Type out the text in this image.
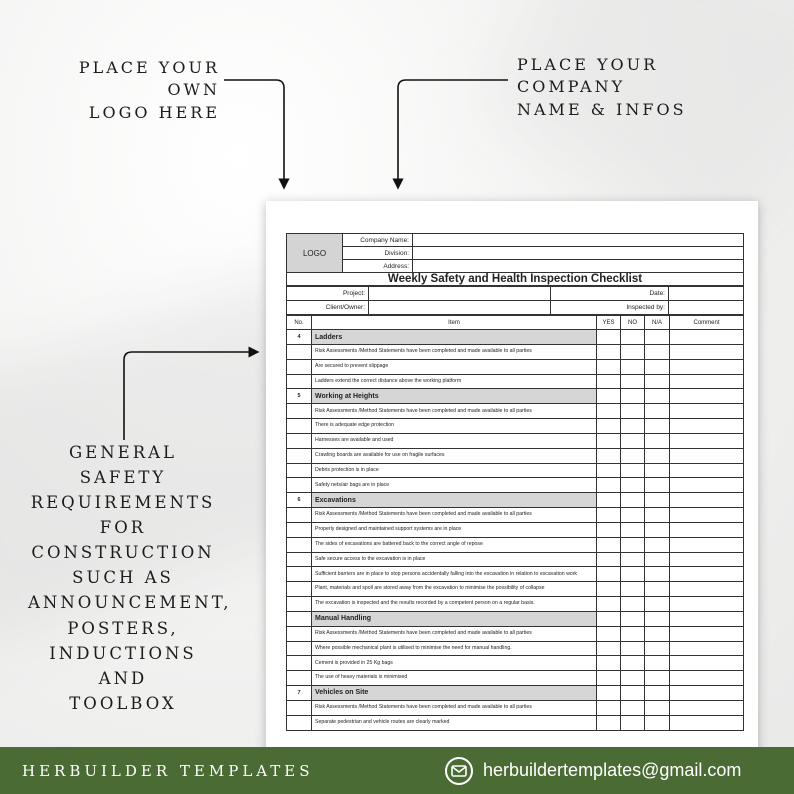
PLACE YOUR OWN
LOGO HERE
PLACE YOUR COMPANY
NAME & INFOS
GENERAL SAFETY
REQUIREMENTS
FOR
CONSTRUCTION
SUCH AS
ANNOUNCEMENT,
POSTERS,
INDUCTIONS AND
TOOLBOX
LOGO	Company Name:	
	Division:	
	Address:	
Weekly Safety and Health Inspection Checklist		
Project:		Date:	
Client/Owner:		Inspected by:	
No.	Item	YES	NO	N/A	Comment
4	Ladders				
	Risk Assessments /Method Statements have been completed and made available to all parties				
	Are secured to prevent slippage				
	Ladders extend the correct distance above the working platform				
5	Working at Heights				
	Risk Assessments /Method Statements have been completed and made available to all parties				
	There is adequate edge protection				
	Harnesses are available and used				
	Crawling boards are available for use on fragile surfaces				
	Debris protection is in place				
	Safety nets/air bags are in place				
6	Excavations				
	Risk Assessments /Method Statements have been completed and made available to all parties				
	Properly designed and maintained support systems are in place				
	The sides of excavations are battered back to the correct angle of repose				
	Safe secure access to the excavation is in place				
	Sufficient barriers are in place to stop persons accidentally falling into the excavation in relation to excavation work				
	Plant, materials and spoil are stored away from the excavation to minimise the possibility of collapse				
	The excavation is inspected and the results recorded by a competent person on a regular basis.				
	Manual Handling				
	Risk Assessments /Method Statements have been completed and made available to all parties				
	Where possible mechanical plant is utilised to minimise the need for manual handling.				
	Cement is provided in 25 Kg bags				
	The use of heavy materials is minimised				
7	Vehicles on Site				
	Risk Assessments /Method Statements have been completed and made available to all parties				
	Separate pedestrian and vehicle routes are clearly marked				
HERBUILDER TEMPLATES	herbuildertemplates@gmail.com
